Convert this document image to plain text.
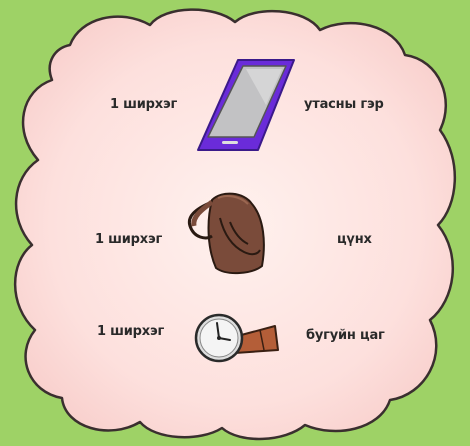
1 ширхэг	утасны гэр
1 ширхэг	цүнх
1 ширхэг	бугуйн цаг
